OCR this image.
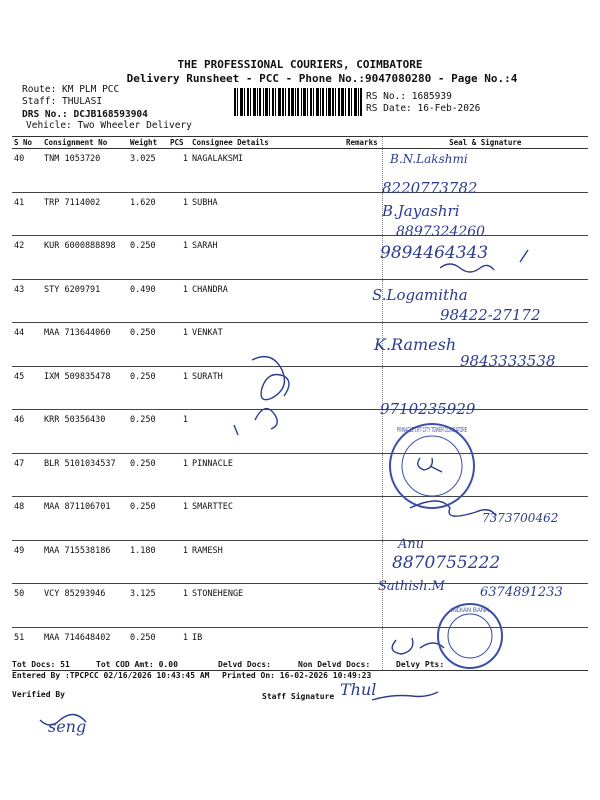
THE PROFESSIONAL COURIERS, COIMBATORE
Delivery Runsheet - PCC - Phone No.:9047080280 - Page No.:4
Route: KM PLM PCC
Staff: THULASI
DRS No.: DCJB168593904
Vehicle: Two Wheeler Delivery
RS No.: 1685939
RS Date: 16-Feb-2026
S No	Consignment No	Weight	PCS	Consignee Details	Remarks	Seal & Signature
40	TNM 1053720	3.025	1	NAGALAKSMI		
41	TRP 7114002	1.620	1	SUBHA		
42	KUR 6000888898	0.250	1	SARAH		
43	STY 6209791	0.490	1	CHANDRA		
44	MAA 713644060	0.250	1	VENKAT		
45	IXM 509835478	0.250	1	SURATH		
46	KRR 50356430	0.250	1			
47	BLR 5101034537	0.250	1	PINNACLE		
48	MAA 871106701	0.250	1	SMARTTEC		
49	MAA 715538186	1.180	1	RAMESH		
50	VCY 85293946	3.125	1	STONEHENGE		
51	MAA 714648402	0.250	1	IB		
B.N.Lakshmi
8220773782
B.Jayashri
8897324260
9894464343
S.Logamitha
98422-27172
K.Ramesh
9843333538
9710235929
7373700462
Anu
8870755222
Sathish.M	6374891233
seng
Thul
PINNACLE LIFT CITY TOWER COIMBATORE
INDIAN BANK
Tot Docs: 51	Tot COD Amt: 0.00	Delvd Docs:	Non Delvd Docs:	Delvy Pts:
Entered By :TPCPCC 02/16/2026 10:43:45 AM Printed On: 16-02-2026 10:49:23
Verified By	Staff Signature
